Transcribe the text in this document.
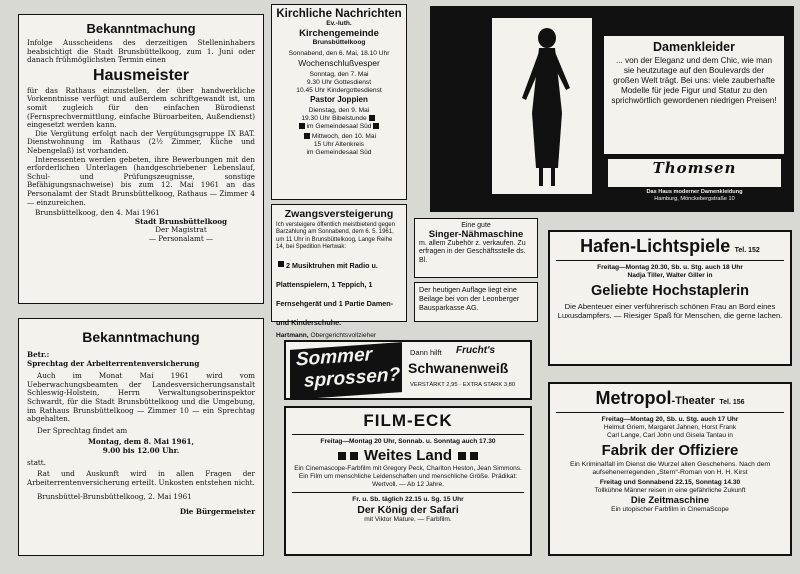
Bekanntmachung

Infolge Ausscheidens des derzeitigen Stelleninhabers beabsichtigt die Stadt Brunsbüttelkoog, zum 1. Juni oder danach frühmöglichsten Termin einen

Hausmeister

für das Rathaus einzustellen, der über handwerkliche Vorkenntnisse verfügt und außerdem schriftgewandt ist, um somit zugleich für den einfachen Bürodienst (Fernsprechvermittlung, einfache Büroarbeiten, Außendienst) eingesetzt werden kann.

Die Vergütung erfolgt nach der Vergütungsgruppe IX BAT. Dienstwohnung im Rathaus (2½ Zimmer, Küche und Nebengelaß) ist vorhanden.

Interessenten werden gebeten, ihre Bewerbungen mit den erforderlichen Unterlagen (handgeschriebener Lebenslauf, Schul- und Prüfungszeugnisse, sonstige Befähigungsnachweise) bis zum 12. Mai 1961 an das Personalamt der Stadt Brunsbüttelkoog, Rathaus — Zimmer 4 — einzureichen.

Brunsbüttelkoog, den 4. Mai 1961

Stadt Brunsbüttelkoog
Der Magistrat
— Personalamt —
Kirchliche Nachrichten
Ev.-luth.
Kirchengemeinde
Brunsbüttelkoog
Sonnabend, den 6. Mai, 18.10 Uhr
Wochenschlußvesper
Sonntag, den 7. Mai
9.30 Uhr Gottesdienst
10.45 Uhr Kindergottesdienst
Pastor Joppien
Dienstag, den 9. Mai
19.30 Uhr Bibelstunde
im Gemeindesaal Süd
Mittwoch, den 10. Mai
15 Uhr Altenkreis
im Gemeindesaal Süd
Damenkleider

... von der Eleganz und dem Chic, wie man sie heutzutage auf den Boulevards der großen Welt trägt. Bei uns: viele zauberhafte Modelle für jede Figur und Statur zu den sprichwörtlich gewordenen niedrigen Preisen!

Thomsen
Das Haus moderner Damenkleidung
Hamburg, Mönckebergstraße 10
Zwangsversteigerung

Ich versteigere öffentlich meistbietend gegen Barzahlung am Sonnabend, dem 6. 5. 1961, um 11 Uhr in Brunsbüttelkoog, Lange Reihe 14, bei Spedition Hertwak:

2 Musiktruhen mit Radio u. Plattenspielern, 1 Teppich, 1 Fernsehgerät und 1 Partie Damen- und Kinderschuhe.
Hartmann, Obergerichtsvollzieher
Eine gute
Singer-Nähmaschine

m. allem Zubehör z. verkaufen. Zu erfragen in der Geschäftsstelle ds. Bl.

Der heutigen Auflage liegt eine Beilage bei von der Leonberger Bausparkasse AG.

Hafen-Lichtspiele Tel. 152
Freitag—Montag 20.30, Sb. u. Stg. auch 18 Uhr
Nadja Tiller, Walter Giller in
Geliebte Hochstaplerin

Die Abenteuer einer verführerisch schönen Frau an Bord eines Luxusdampfers. — Riesiger Spaß für Menschen, die gerne lachen.

Sommer
sprossen?
Dann hilft Frucht's
Schwanenweiß
VERSTÄRKT 2,95 · EXTRA STARK 3,80
Bekanntmachung
Betr.:
Sprechtag der Arbeiterrentenversicherung

Auch im Monat Mai 1961 wird vom Ueberwachungsbeamten der Landesversicherungsanstalt Schleswig-Holstein, Herrn Verwaltungsoberinspektor Schwardt, für die Stadt Brunsbüttelkoog und die Umgebung, im Rathaus Brunsbüttelkoog — Zimmer 10 — ein Sprechtag abgehalten.

Der Sprechtag findet am

Montag, dem 8. Mai 1961,
9.00 bis 12.00 Uhr.
statt.

Rat und Auskunft wird in allen Fragen der Arbeiterrentenversicherung erteilt. Unkosten entstehen nicht.

Brunsbüttel-Brunsbüttelkoog, 2. Mai 1961

Die Bürgermeister
FILM-ECK
Freitag—Montag 20 Uhr, Sonnab. u. Sonntag auch 17.30
Weites Land

Ein Cinemascope-Farbfilm mit Gregory Peck, Charlton Heston, Jean Simmons. Ein Film um menschliche Leidenschaften und menschliche Größe. Prädikat: Wertvoll. — Ab 12 Jahre.

Fr. u. Sb. täglich 22.15 u. Sg. 15 Uhr
Der König der Safari
mit Viktor Mature. — Farbfilm.
Metropol-Theater Tel. 156
Freitag—Montag 20, Sb. u. Stg. auch 17 Uhr
Helmut Griem, Margaret Jahnen, Horst Frank
Carl Lange, Carl John und Gisela Tantau in
Fabrik der Offiziere

Ein Kriminalfall im Dienst die Wurzel allen Geschehens. Nach dem aufsehenerregenden „Stern“-Roman von H. H. Kirst

Freitag und Sonnabend 22.15, Sonntag 14.30
Tollkühne Männer reisen in eine gefährliche Zukunft
Die Zeitmaschine
Ein utopischer Farbfilm in CinemaScope
